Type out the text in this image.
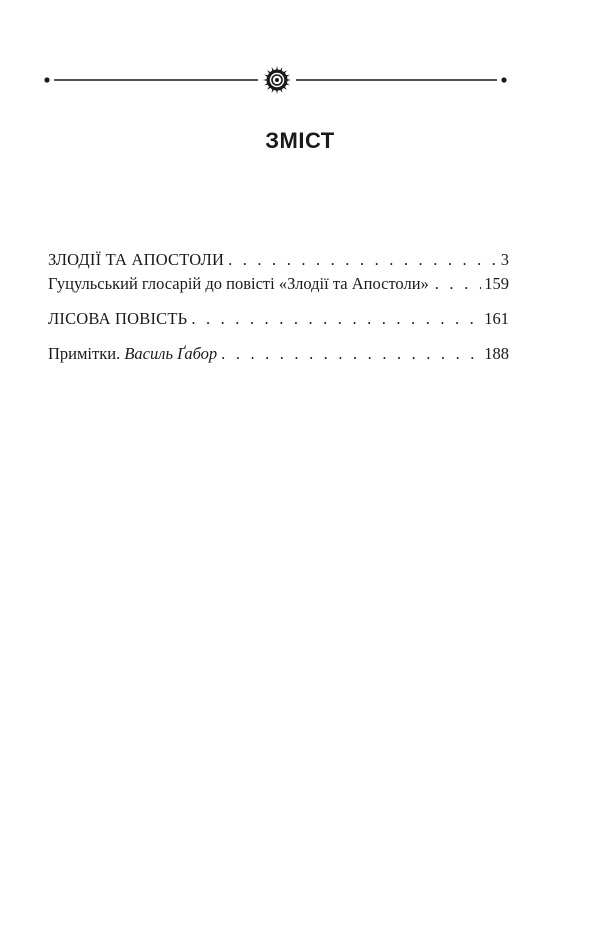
ЗМІСТ
ЗЛОДІЇ ТА АПОСТОЛИ . . .	3
Гуцульський глосарій до повісті «Злодії та Апостоли» . . .	159
ЛІСОВА ПОВІСТЬ . . .	161
Примітки. Василь Ґабор . . .	188
